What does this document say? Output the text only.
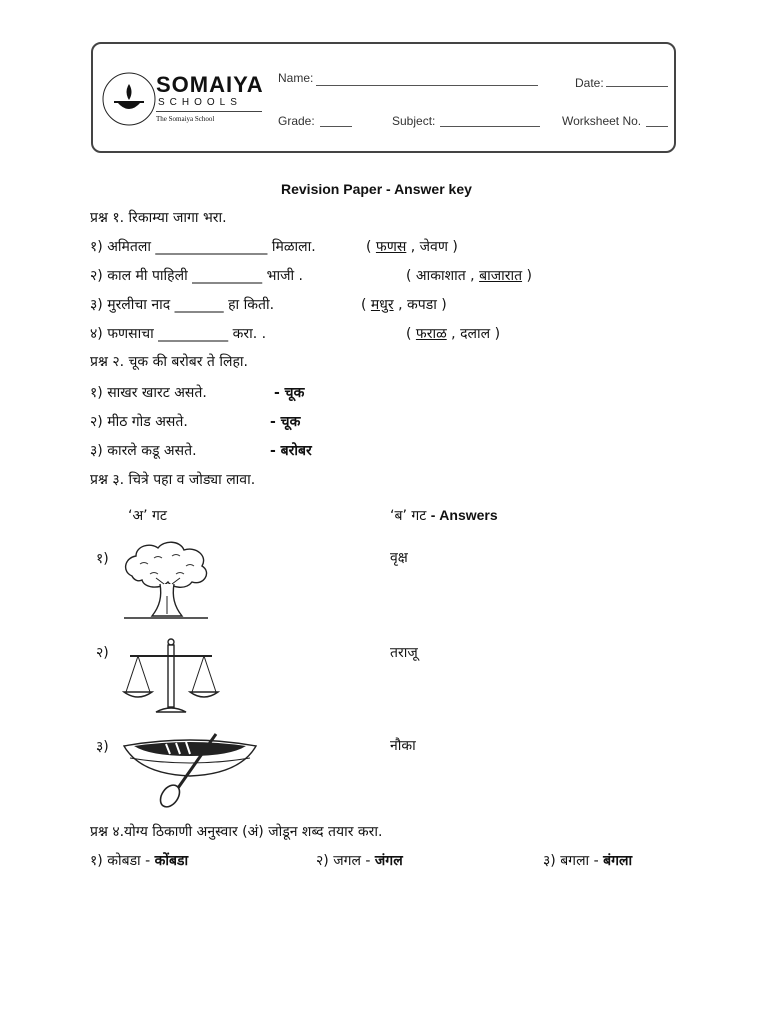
SOMAIYA
SCHOOLS
The Somaiya School
Name:	Date:
Grade:	Subject:	Worksheet No.
Revision Paper - Answer key
प्रश्न १. रिकाम्या जागा भरा.
१) अमितला ________________ मिळाला.	( फणस , जेवण )
२) काल मी पाहिली __________ भाजी .	( आकाशात , बाजारात )
३) मुरलीचा नाद _______ हा किती.	( मधुर , कपडा )
४) फणसाचा __________ करा. .	( फराळ , दलाल )
प्रश्न २. चूक की बरोबर ते लिहा.
१) साखर खारट असते.	- चूक
२) मीठ गोड असते.	- चूक
३) कारले कडू असते.	- बरोबर
प्रश्न ३. चित्रे पहा व जोड्या लावा.
‘अ’ गट	‘ब’ गट - Answers
१)	वृक्ष
२)	तराजू
३)	नौका
प्रश्न ४.योग्य ठिकाणी अनुस्वार (अं) जोडून शब्द तयार करा.
१) कोबडा - कोंबडा	२) जगल - जंगल	३) बगला - बंगला
